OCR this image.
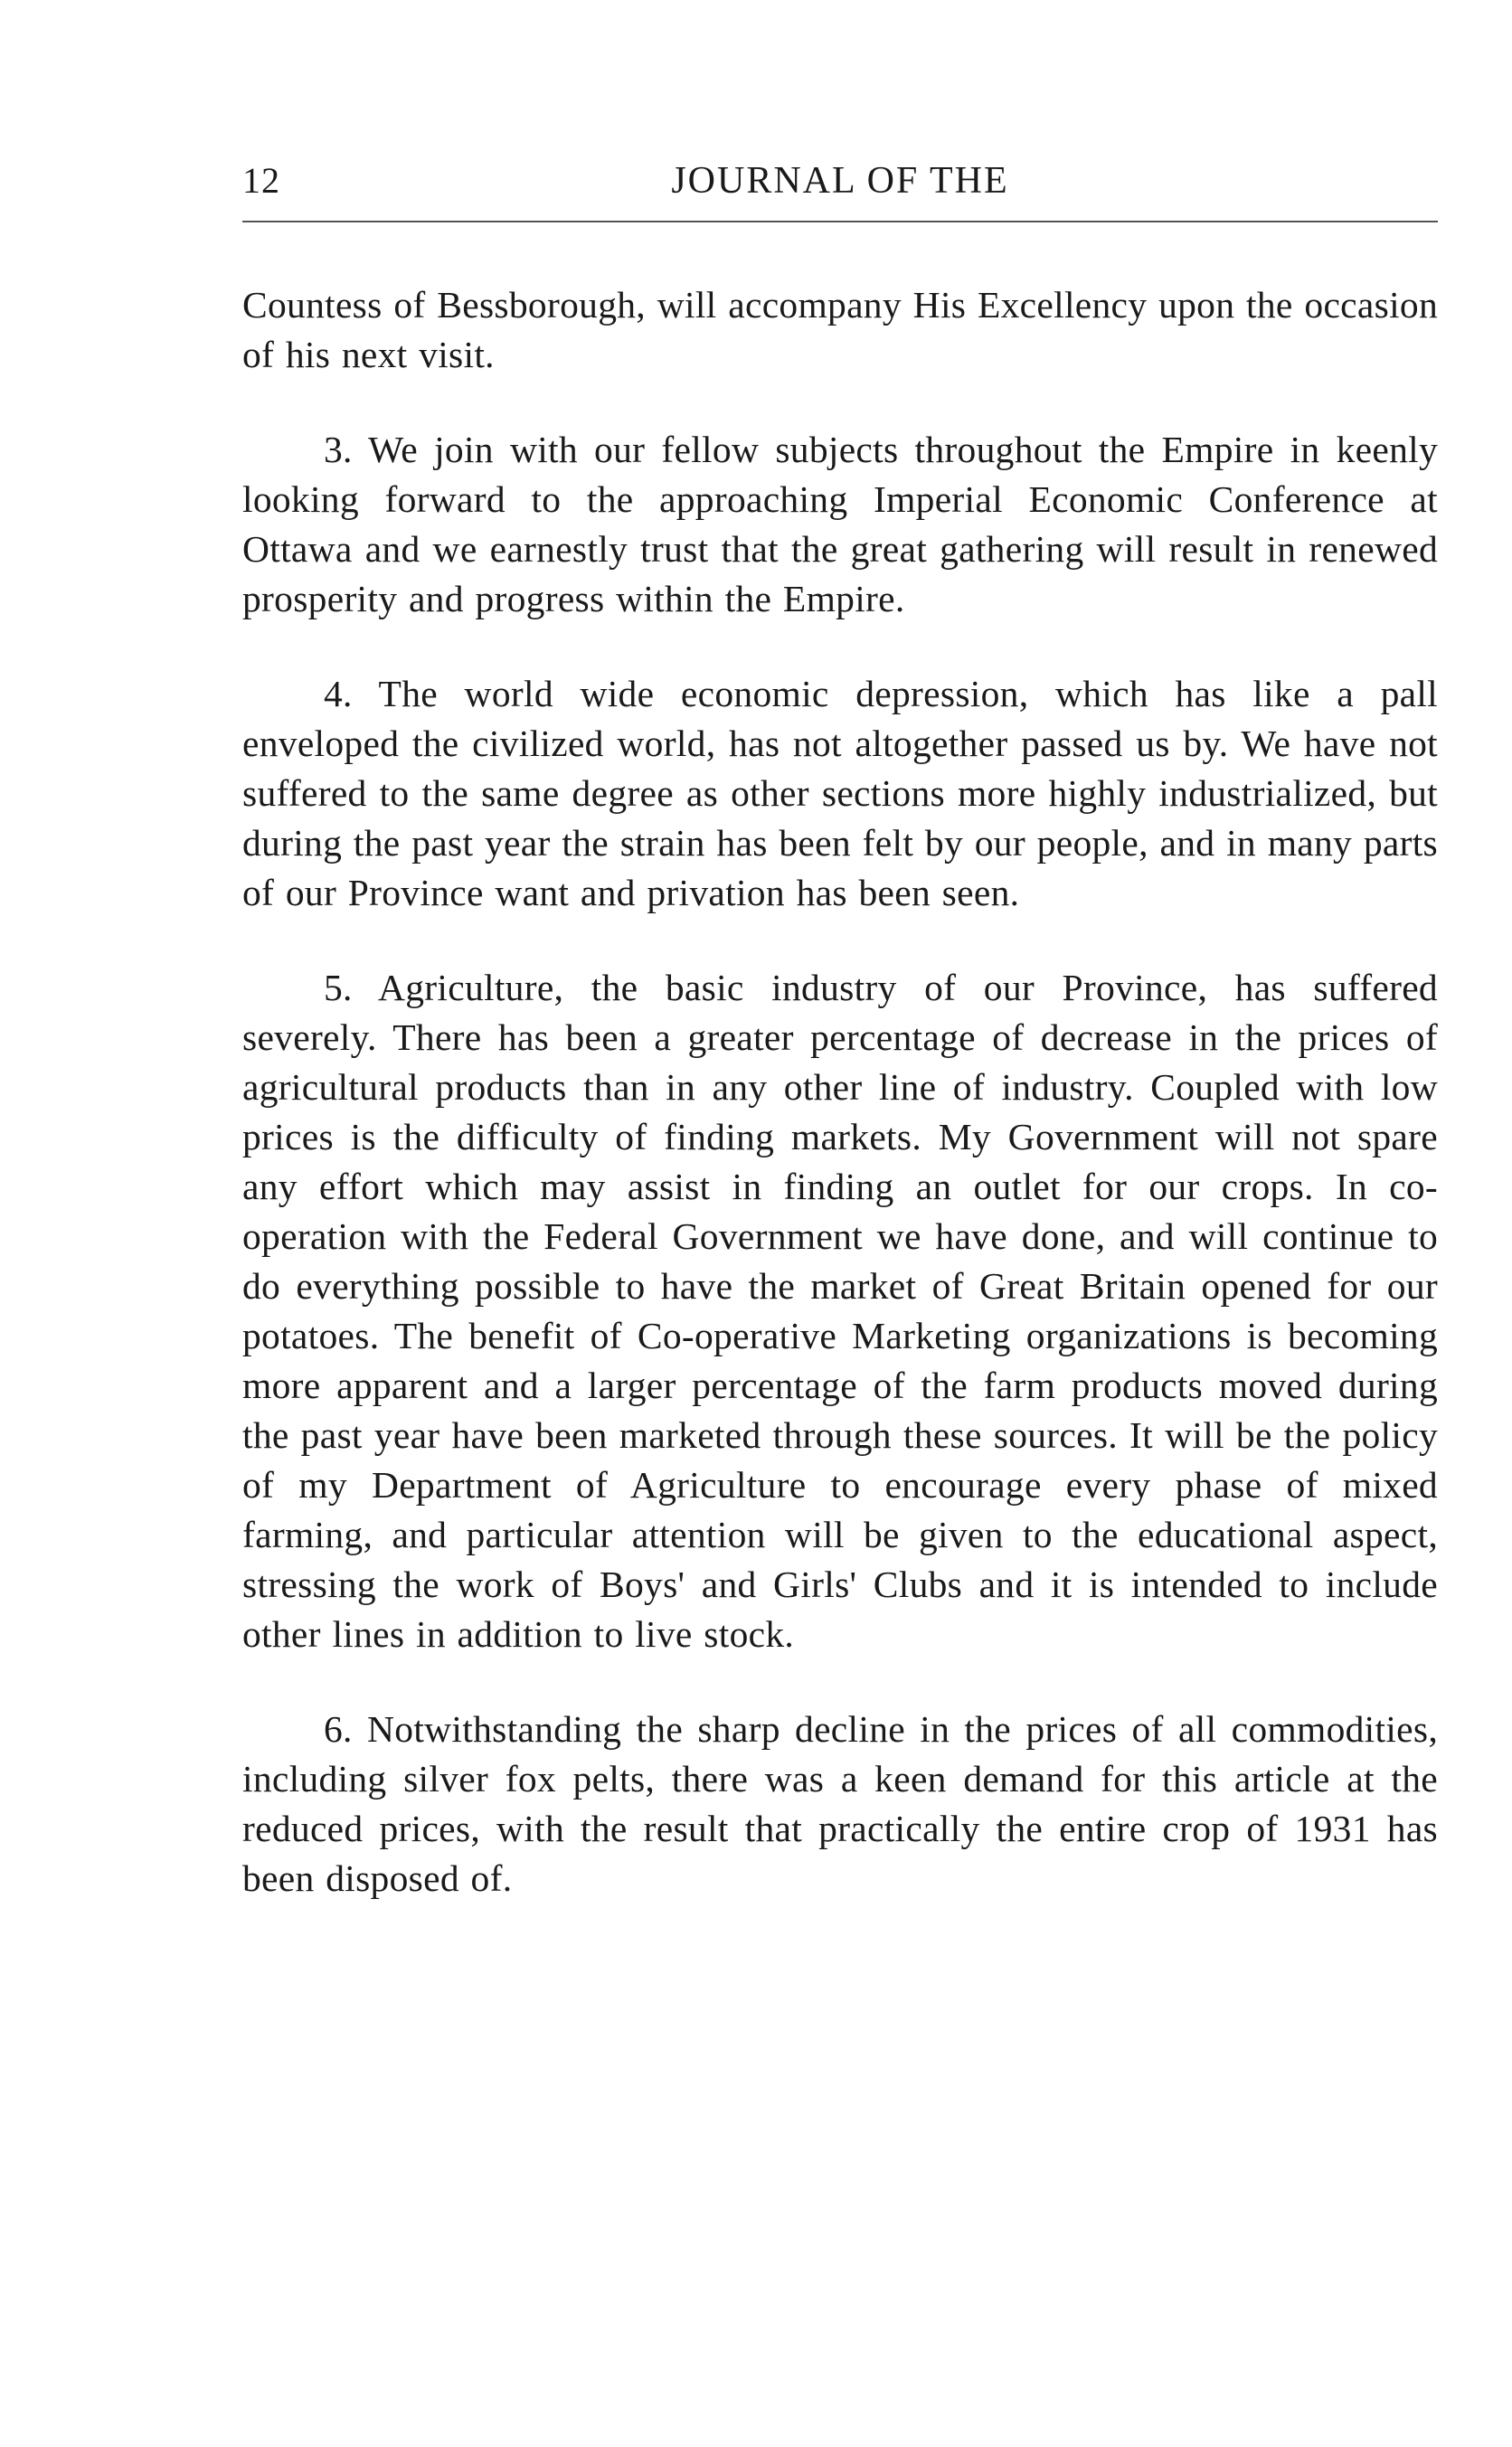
12	JOURNAL OF THE

Countess of Bessborough, will accompany His Excellency upon the occasion of his next visit.

3. We join with our fellow subjects throughout the Empire in keenly looking forward to the approaching Imperial Economic Conference at Ottawa and we earnestly trust that the great gathering will result in renewed prosperity and progress within the Empire.

4. The world wide economic depression, which has like a pall enveloped the civilized world, has not altogether passed us by. We have not suffered to the same degree as other sections more highly industrialized, but during the past year the strain has been felt by our people, and in many parts of our Province want and privation has been seen.

5. Agriculture, the basic industry of our Province, has suffered severely. There has been a greater percentage of decrease in the prices of agricultural products than in any other line of industry. Coupled with low prices is the difficulty of finding markets. My Government will not spare any effort which may assist in finding an outlet for our crops. In co-operation with the Federal Government we have done, and will continue to do everything possible to have the market of Great Britain opened for our potatoes. The benefit of Co-operative Marketing organizations is becoming more apparent and a larger percentage of the farm products moved during the past year have been marketed through these sources. It will be the policy of my Department of Agriculture to encourage every phase of mixed farming, and particular attention will be given to the educational aspect, stressing the work of Boys' and Girls' Clubs and it is intended to include other lines in addition to live stock.

6. Notwithstanding the sharp decline in the prices of all commodities, including silver fox pelts, there was a keen demand for this article at the reduced prices, with the result that practically the entire crop of 1931 has been disposed of.
